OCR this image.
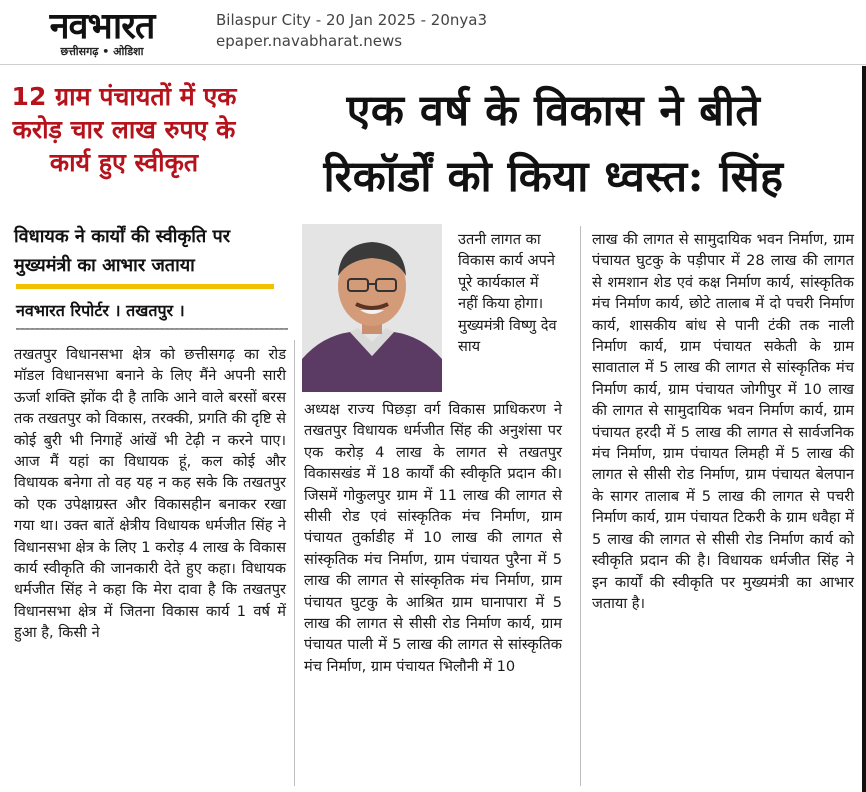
नवभारत
छत्तीसगढ़ • ओडिशा
Bilaspur City - 20 Jan 2025 - 20nya3
epaper.navabharat.news
12 ग्राम पंचायतों में एक करोड़ चार लाख रुपए के कार्य हुए स्वीकृत
एक वर्ष के विकास ने बीते
रिकॉर्डों को किया ध्वस्त: सिंह
विधायक ने कार्यों की स्वीकृति पर मुख्यमंत्री का आभार जताया
नवभारत रिपोर्टर । तखतपुर ।
तखतपुर विधानसभा क्षेत्र को छत्तीसगढ़ का रोड मॉडल विधानसभा बनाने के लिए मैंने अपनी सारी ऊर्जा शक्ति झोंक दी है ताकि आने वाले बरसों बरस तक तखतपुर को विकास, तरक्की, प्रगति की दृष्टि से कोई बुरी भी निगाहें आंखें भी टेढ़ी न करने पाए। आज मैं यहां का विधायक हूं, कल कोई और विधायक बनेगा तो वह यह न कह सके कि तखतपुर को एक उपेक्षाग्रस्त और विकासहीन बनाकर रखा गया था। उक्त बातें क्षेत्रीय विधायक धर्मजीत सिंह ने विधानसभा क्षेत्र के लिए 1 करोड़ 4 लाख के विकास कार्य स्वीकृति की जानकारी देते हुए कहा। विधायक धर्मजीत सिंह ने कहा कि मेरा दावा है कि तखतपुर विधानसभा क्षेत्र में जितना विकास कार्य 1 वर्ष में हुआ है, किसी ने
उतनी लागत का विकास कार्य अपने पूरे कार्यकाल में नहीं किया होगा। मुख्यमंत्री विष्णु देव साय
अध्यक्ष राज्य पिछड़ा वर्ग विकास प्राधिकरण ने तखतपुर विधायक धर्मजीत सिंह की अनुशंसा पर एक करोड़ 4 लाख के लागत से तखतपुर विकासखंड में 18 कार्यों की स्वीकृति प्रदान की। जिसमें गोकुलपुर ग्राम में 11 लाख की लागत से सीसी रोड एवं सांस्कृतिक मंच निर्माण, ग्राम पंचायत तुर्काडीह में 10 लाख की लागत से सांस्कृतिक मंच निर्माण, ग्राम पंचायत पुरैना में 5 लाख की लागत से सांस्कृतिक मंच निर्माण, ग्राम पंचायत घुटकु के आश्रित ग्राम घानापारा में 5 लाख की लागत से सीसी रोड निर्माण कार्य, ग्राम पंचायत पाली में 5 लाख की लागत से सांस्कृतिक मंच निर्माण, ग्राम पंचायत भिलौनी में 10
लाख की लागत से सामुदायिक भवन निर्माण, ग्राम पंचायत घुटकु के पड़ीपार में 28 लाख की लागत से शमशान शेड एवं कक्ष निर्माण कार्य, सांस्कृतिक मंच निर्माण कार्य, छोटे तालाब में दो पचरी निर्माण कार्य, शासकीय बांध से पानी टंकी तक नाली निर्माण कार्य, ग्राम पंचायत सकेती के ग्राम सावाताल में 5 लाख की लागत से सांस्कृतिक मंच निर्माण कार्य, ग्राम पंचायत जोगीपुर में 10 लाख की लागत से सामुदायिक भवन निर्माण कार्य, ग्राम पंचायत हरदी में 5 लाख की लागत से सार्वजनिक मंच निर्माण, ग्राम पंचायत लिमही में 5 लाख की लागत से सीसी रोड निर्माण, ग्राम पंचायत बेलपान के सागर तालाब में 5 लाख की लागत से पचरी निर्माण कार्य, ग्राम पंचायत टिकरी के ग्राम धवैहा में 5 लाख की लागत से सीसी रोड निर्माण कार्य को स्वीकृति प्रदान की है। विधायक धर्मजीत सिंह ने इन कार्यों की स्वीकृति पर मुख्यमंत्री का आभार जताया है।
